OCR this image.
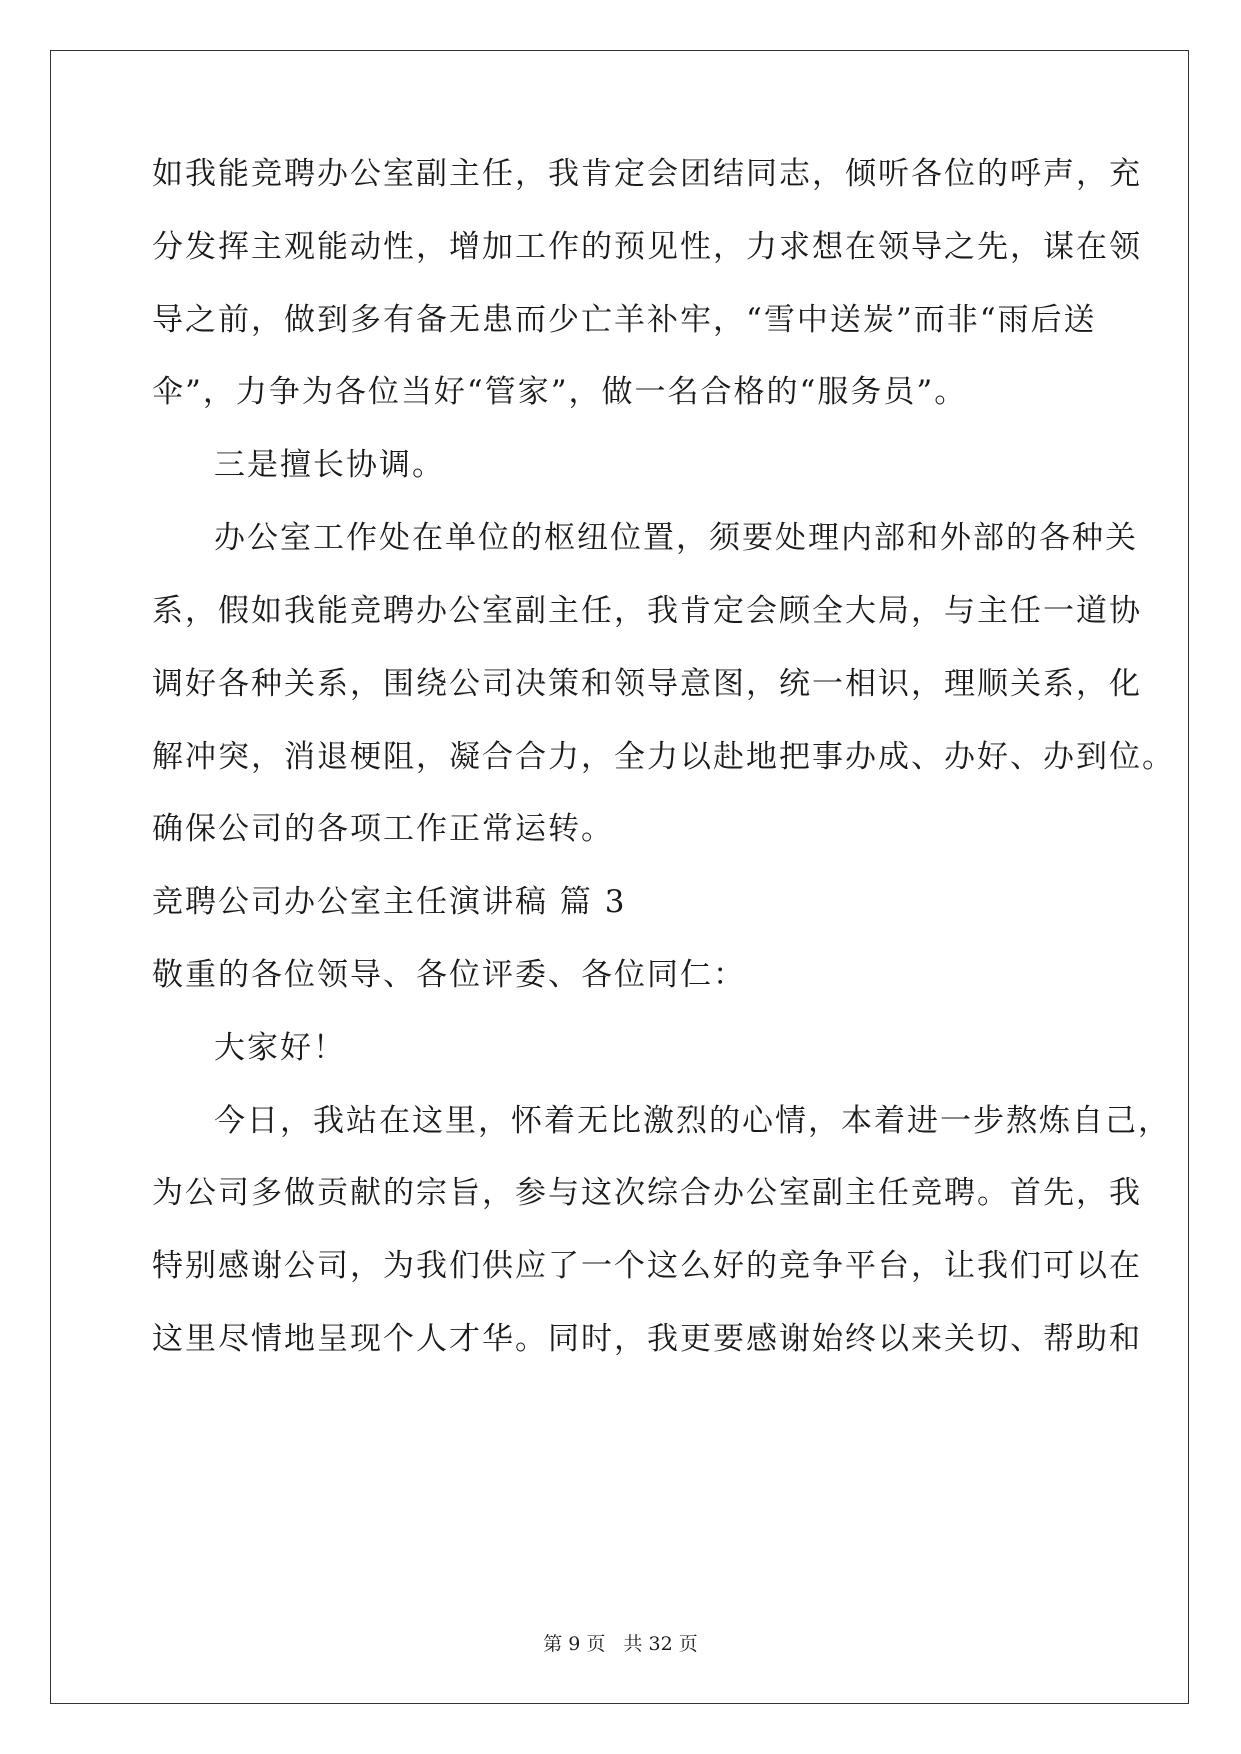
如我能竞聘办公室副主任，我肯定会团结同志，倾听各位的呼声，充
分发挥主观能动性，增加工作的预见性，力求想在领导之先，谋在领
导之前，做到多有备无患而少亡羊补牢，“雪中送炭”而非“雨后送
伞”，力争为各位当好“管家”，做一名合格的“服务员”。
三是擅长协调。
办公室工作处在单位的枢纽位置，须要处理内部和外部的各种关
系，假如我能竞聘办公室副主任，我肯定会顾全大局，与主任一道协
调好各种关系，围绕公司决策和领导意图，统一相识，理顺关系，化
解冲突，消退梗阻，凝合合力，全力以赴地把事办成、办好、办到位。
确保公司的各项工作正常运转。
竞聘公司办公室主任演讲稿 篇 3
敬重的各位领导、各位评委、各位同仁：
大家好！
今日，我站在这里，怀着无比激烈的心情，本着进一步熬炼自己，
为公司多做贡献的宗旨，参与这次综合办公室副主任竞聘。首先，我
特别感谢公司，为我们供应了一个这么好的竞争平台，让我们可以在
这里尽情地呈现个人才华。同时，我更要感谢始终以来关切、帮助和
第 9 页 共 32 页
